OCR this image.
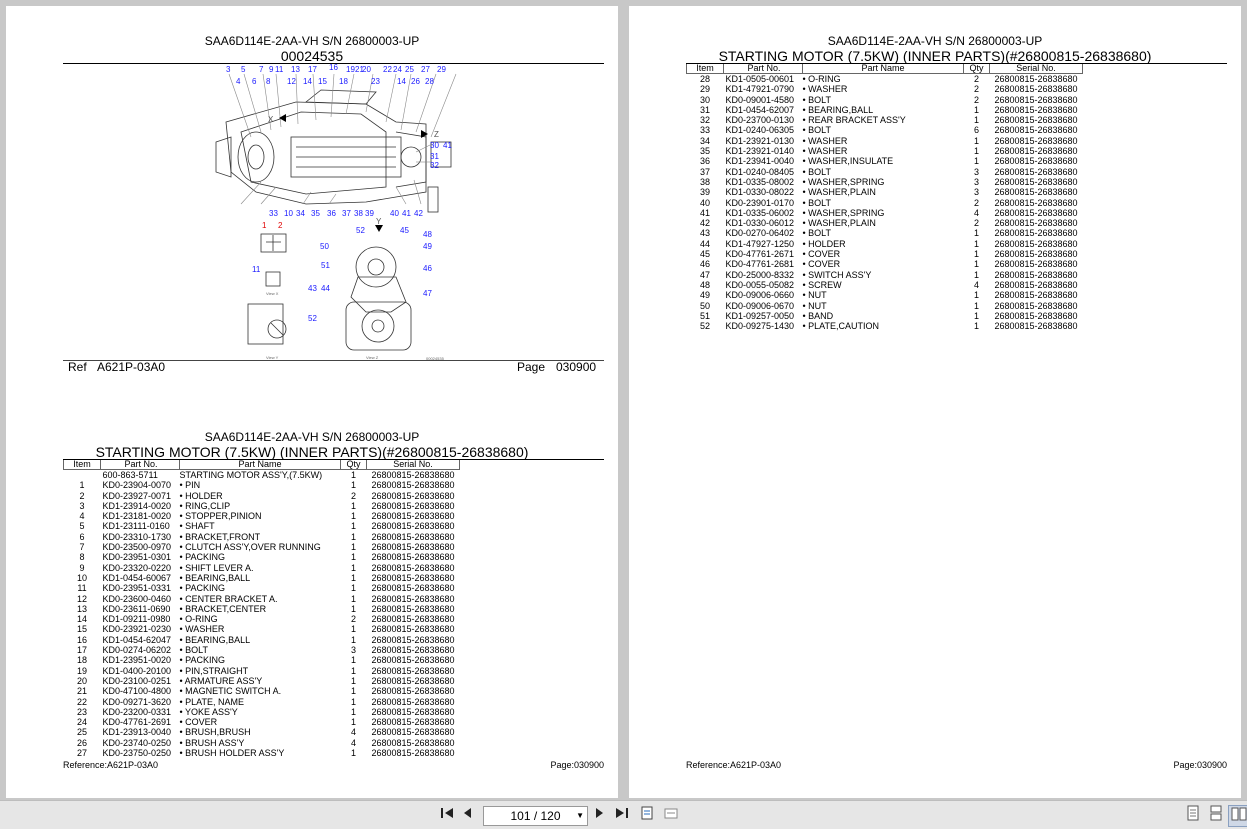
SAA6D114E-2AA-VH S/N 26800003-UP
00024535
X
Z
Y
3 5 7 9 11 13 17 16 19 21
20 22 24 25 27 29
4 6 8 12 14 15 18	23 14 26 28
30 41
31
32
33 10 34 35 36 37 38 39 40 41 42
52	45 48
50	49
51	46
43 44
47
52
11
1 2
View X
View Y	View Z	00024535
Ref A621P-03A0	Page 030900
SAA6D114E-2AA-VH S/N 26800003-UP
STARTING MOTOR (7.5KW) (INNER PARTS)(#26800815-26838680)
Item	Part No.	Part Name	Qty	Serial No.
	600-863-5711	STARTING MOTOR ASS'Y,(7.5KW)	1	26800815-26838680
1	KD0-23904-0070	• PIN	1	26800815-26838680
2	KD0-23927-0071	• HOLDER	2	26800815-26838680
3	KD1-23914-0020	• RING,CLIP	1	26800815-26838680
4	KD1-23181-0020	• STOPPER,PINION	1	26800815-26838680
5	KD1-23111-0160	• SHAFT	1	26800815-26838680
6	KD0-23310-1730	• BRACKET,FRONT	1	26800815-26838680
7	KD0-23500-0970	• CLUTCH ASS'Y,OVER RUNNING	1	26800815-26838680
8	KD0-23951-0301	• PACKING	1	26800815-26838680
9	KD0-23320-0220	• SHIFT LEVER A.	1	26800815-26838680
10	KD1-0454-60067	• BEARING,BALL	1	26800815-26838680
11	KD0-23951-0331	• PACKING	1	26800815-26838680
12	KD0-23600-0460	• CENTER BRACKET A.	1	26800815-26838680
13	KD0-23611-0690	• BRACKET,CENTER	1	26800815-26838680
14	KD1-09211-0980	• O-RING	2	26800815-26838680
15	KD0-23921-0230	• WASHER	1	26800815-26838680
16	KD1-0454-62047	• BEARING,BALL	1	26800815-26838680
17	KD0-0274-06202	• BOLT	3	26800815-26838680
18	KD1-23951-0020	• PACKING	1	26800815-26838680
19	KD1-0400-20100	• PIN,STRAIGHT	1	26800815-26838680
20	KD0-23100-0251	• ARMATURE ASS'Y	1	26800815-26838680
21	KD0-47100-4800	• MAGNETIC SWITCH A.	1	26800815-26838680
22	KD0-09271-3620	• PLATE, NAME	1	26800815-26838680
23	KD0-23200-0331	• YOKE ASS'Y	1	26800815-26838680
24	KD0-47761-2691	• COVER	1	26800815-26838680
25	KD1-23913-0040	• BRUSH,BRUSH	4	26800815-26838680
26	KD0-23740-0250	• BRUSH ASS'Y	4	26800815-26838680
27	KD0-23750-0250	• BRUSH HOLDER ASS'Y	1	26800815-26838680
Reference:A621P-03A0	Page:030900
SAA6D114E-2AA-VH S/N 26800003-UP
STARTING MOTOR (7.5KW) (INNER PARTS)(#26800815-26838680)
Item	Part No.	Part Name	Qty	Serial No.
28	KD1-0505-00601	• O-RING	2	26800815-26838680
29	KD1-47921-0790	• WASHER	2	26800815-26838680
30	KD0-09001-4580	• BOLT	2	26800815-26838680
31	KD1-0454-62007	• BEARING,BALL	1	26800815-26838680
32	KD0-23700-0130	• REAR BRACKET ASS'Y	1	26800815-26838680
33	KD1-0240-06305	• BOLT	6	26800815-26838680
34	KD1-23921-0130	• WASHER	1	26800815-26838680
35	KD1-23921-0140	• WASHER	1	26800815-26838680
36	KD1-23941-0040	• WASHER,INSULATE	1	26800815-26838680
37	KD1-0240-08405	• BOLT	3	26800815-26838680
38	KD1-0335-08002	• WASHER,SPRING	3	26800815-26838680
39	KD1-0330-08022	• WASHER,PLAIN	3	26800815-26838680
40	KD0-23901-0170	• BOLT	2	26800815-26838680
41	KD1-0335-06002	• WASHER,SPRING	4	26800815-26838680
42	KD1-0330-06012	• WASHER,PLAIN	2	26800815-26838680
43	KD0-0270-06402	• BOLT	1	26800815-26838680
44	KD1-47927-1250	• HOLDER	1	26800815-26838680
45	KD0-47761-2671	• COVER	1	26800815-26838680
46	KD0-47761-2681	• COVER	1	26800815-26838680
47	KD0-25000-8332	• SWITCH ASS'Y	1	26800815-26838680
48	KD0-0055-05082	• SCREW	4	26800815-26838680
49	KD0-09006-0660	• NUT	1	26800815-26838680
50	KD0-09006-0670	• NUT	1	26800815-26838680
51	KD1-09257-0050	• BAND	1	26800815-26838680
52	KD0-09275-1430	• PLATE,CAUTION	1	26800815-26838680
Reference:A621P-03A0	Page:030900
101 / 120 ▼
